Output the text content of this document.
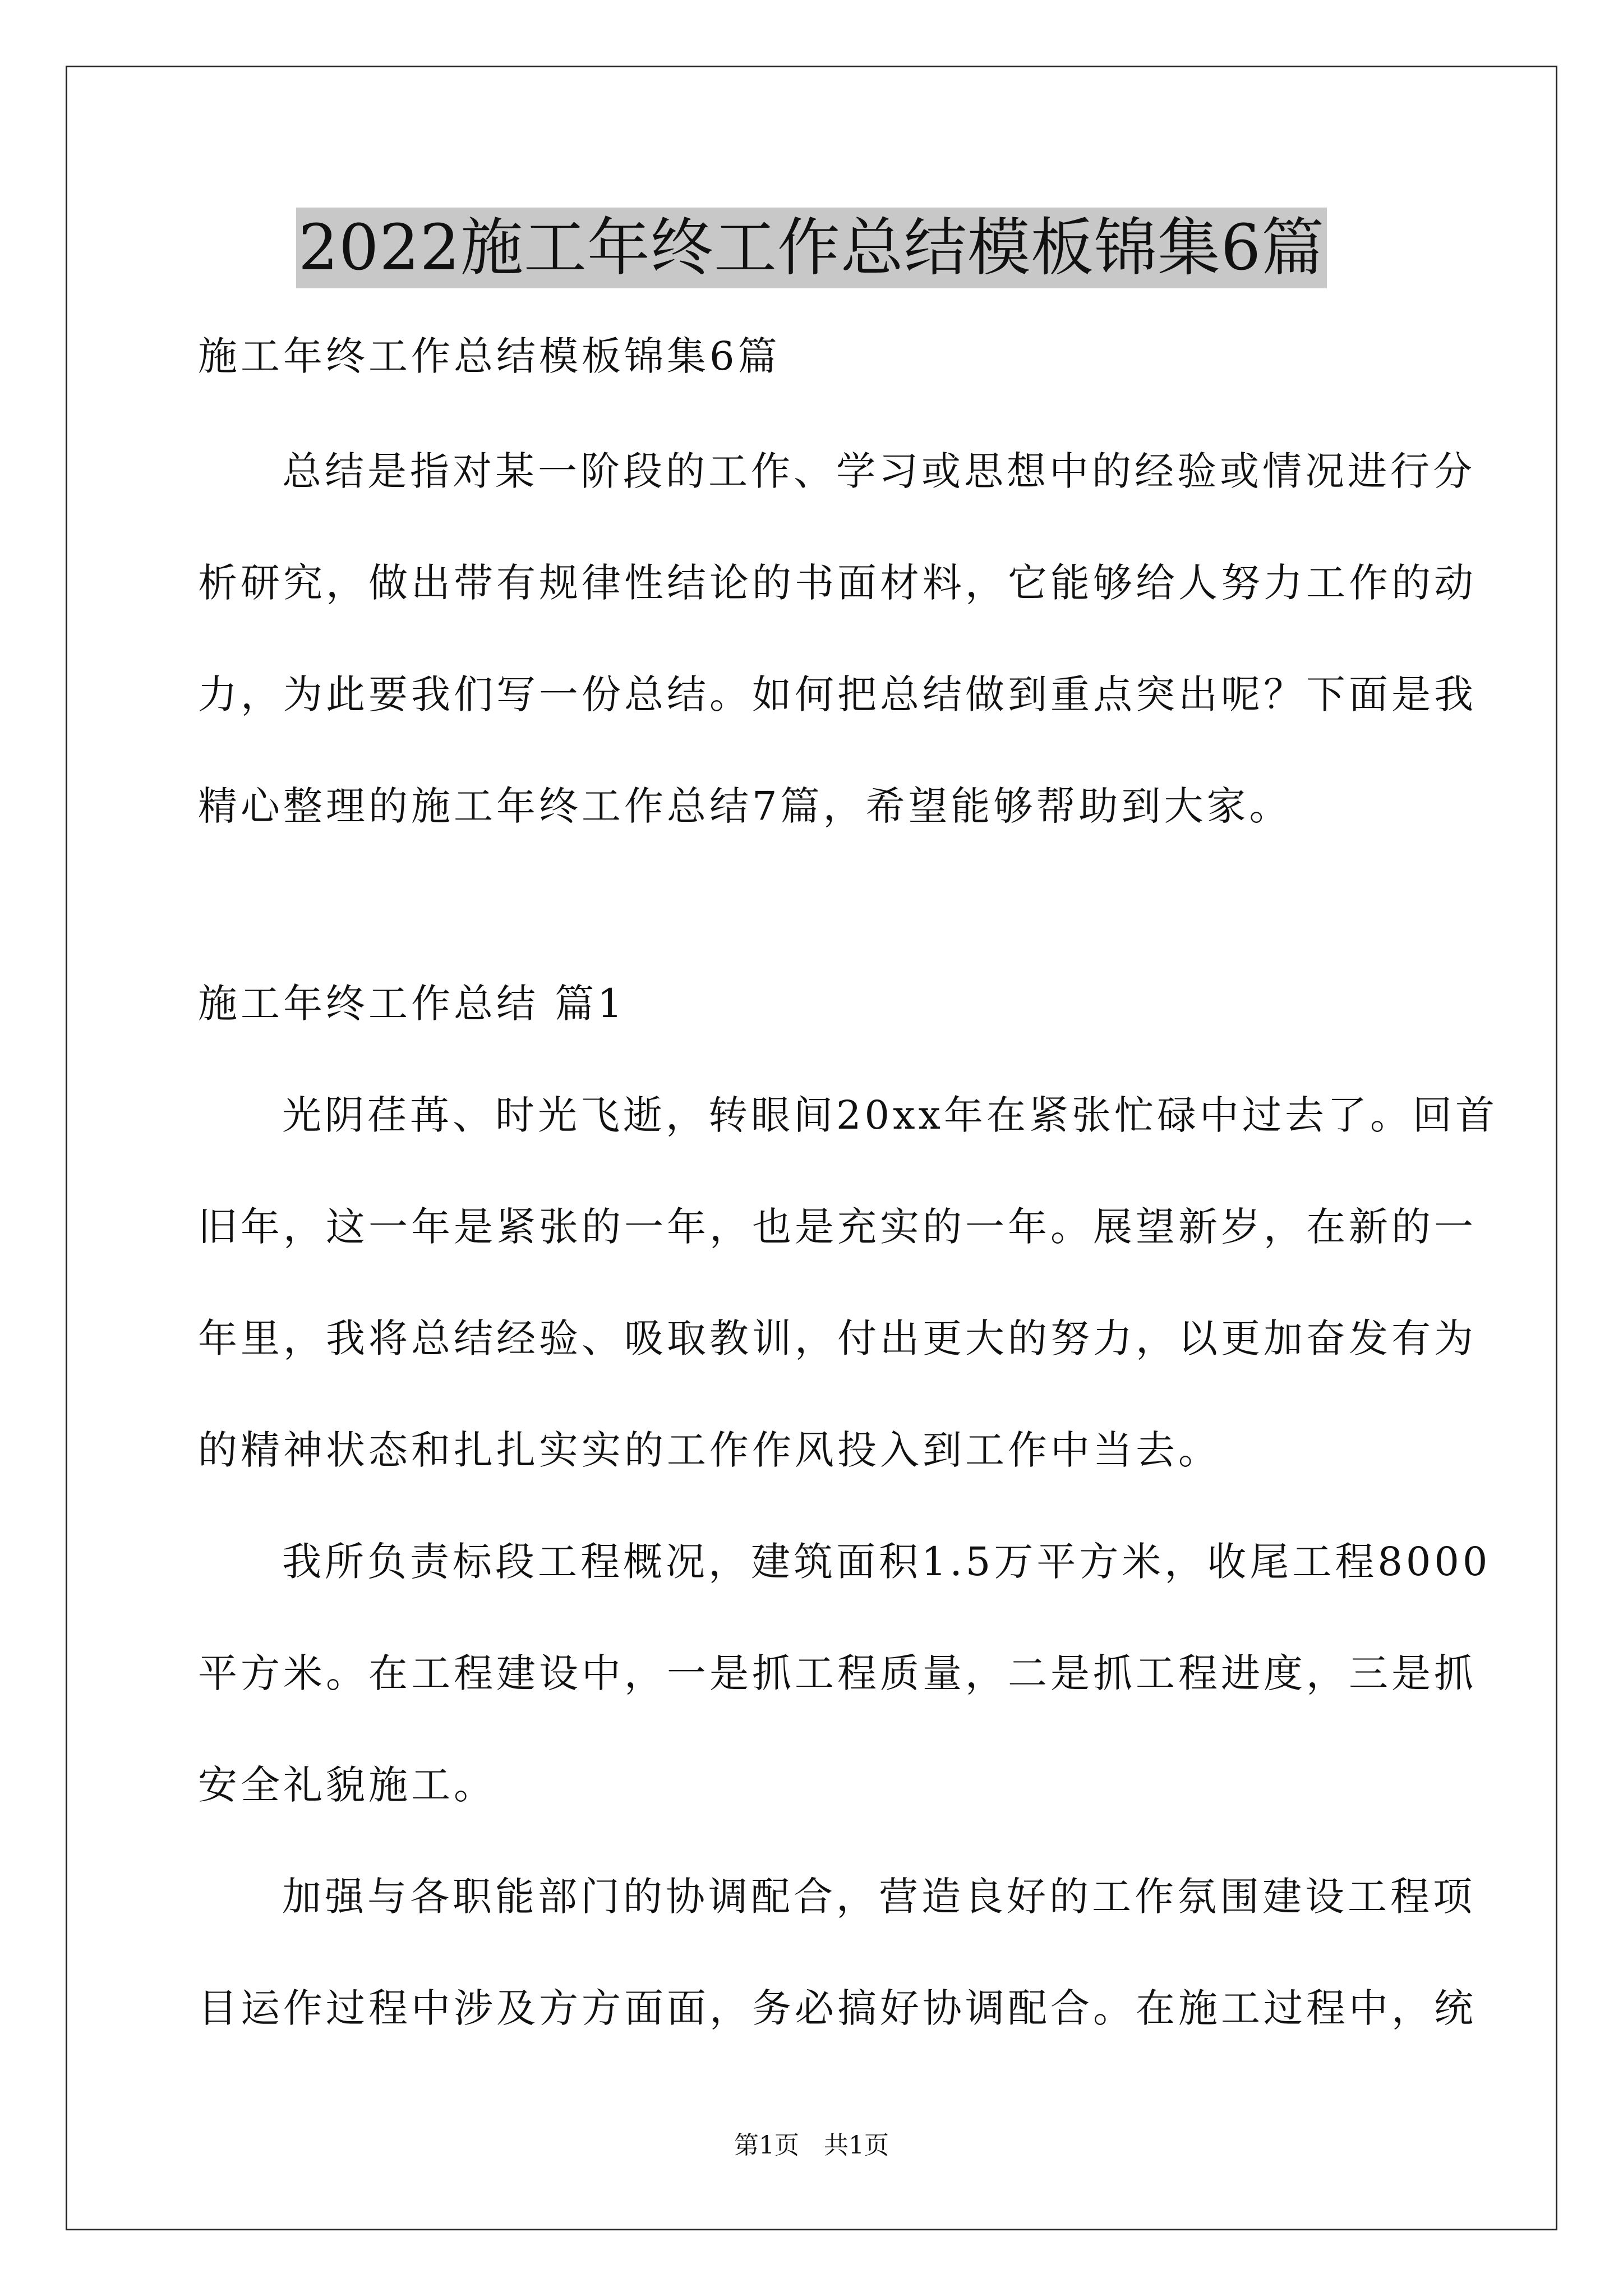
2022施工年终工作总结模板锦集6篇
施工年终工作总结模板锦集6篇
总结是指对某一阶段的工作、学习或思想中的经验或情况进行分
析研究，做出带有规律性结论的书面材料，它能够给人努力工作的动
力，为此要我们写一份总结。如何把总结做到重点突出呢？下面是我
精心整理的施工年终工作总结7篇，希望能够帮助到大家。
施工年终工作总结 篇1
光阴荏苒、时光飞逝，转眼间20xx年在紧张忙碌中过去了。回首
旧年，这一年是紧张的一年，也是充实的一年。展望新岁，在新的一
年里，我将总结经验、吸取教训，付出更大的努力，以更加奋发有为
的精神状态和扎扎实实的工作作风投入到工作中当去。
我所负责标段工程概况，建筑面积1.5万平方米，收尾工程8000
平方米。在工程建设中，一是抓工程质量，二是抓工程进度，三是抓
安全礼貌施工。
加强与各职能部门的协调配合，营造良好的工作氛围建设工程项
目运作过程中涉及方方面面，务必搞好协调配合。在施工过程中，统
第1页　共1页
